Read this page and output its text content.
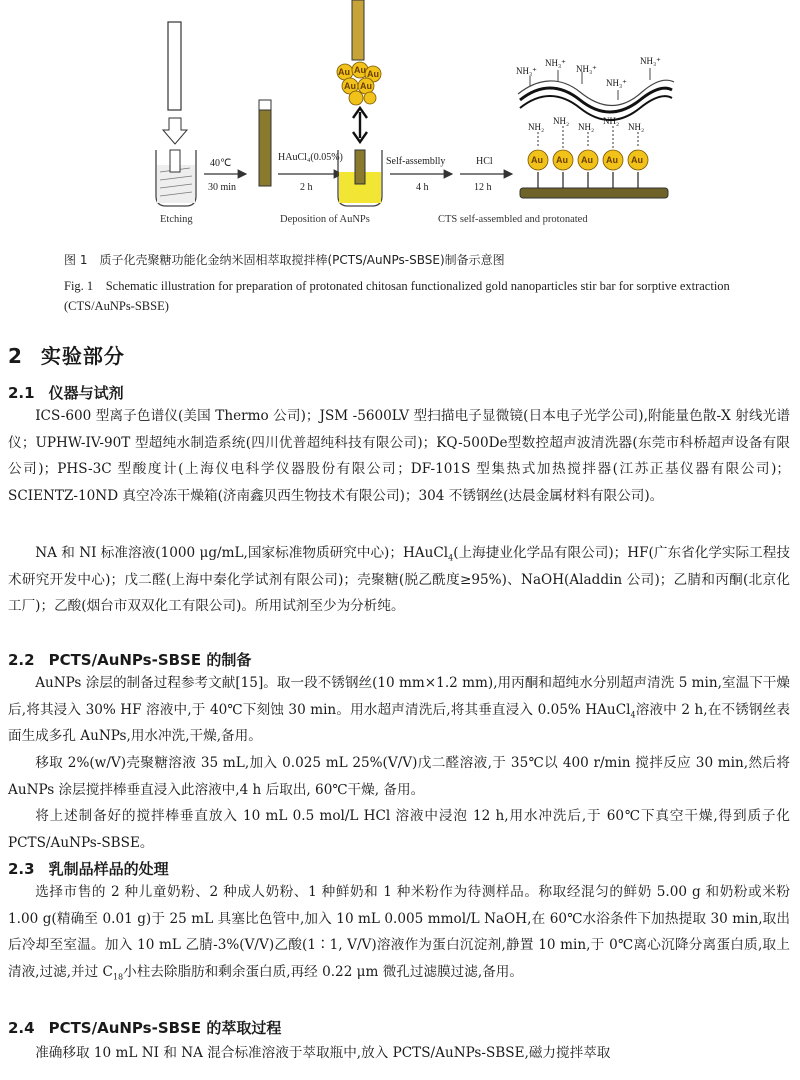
Etching
40℃
30 min
HAuCl₄(0.05%)
2 h
Au Au Au
Au Au
Deposition of AuNPs
Self-assemblly
4 h
HCl
12 h
Au Au Au Au Au
NH₂
NH₂
NH₂
NH₂
NH₂
NH₃⁺
NH₃⁺
NH₃⁺
NH₃⁺
NH₃⁺
CTS self-assembled and protonated
图 1　质子化壳聚糖功能化金纳米固相萃取搅拌棒(PCTS/AuNPs-SBSE)制备示意图
Fig. 1 Schematic illustration for preparation of protonated chitosan functionalized gold nanoparticles stir bar for sorptive extraction (CTS/AuNPs-SBSE)
2 实验部分
2.1 仪器与试剂

ICS-600 型离子色谱仪(美国 Thermo 公司)；JSM -5600LV 型扫描电子显微镜(日本电子光学公司),附能量色散-X 射线光谱仪；UPHW-IV-90T 型超纯水制造系统(四川优普超纯科技有限公司)；KQ-500De型数控超声波清洗器(东莞市科桥超声设备有限公司)；PHS-3C 型酸度计(上海仪电科学仪器股份有限公司；DF-101S 型集热式加热搅拌器(江苏正基仪器有限公司)；SCIENTZ-10ND 真空冷冻干燥箱(济南鑫贝西生物技术有限公司)；304 不锈钢丝(达晨金属材料有限公司)。

NA 和 NI 标准溶液(1000 μg/mL,国家标准物质研究中心)；HAuCl$_4$(上海捷业化学品有限公司)；HF(广东省化学实际工程技术研究开发中心)；戊二醛(上海中秦化学试剂有限公司)；壳聚糖(脱乙酰度≥95%)、NaOH(Aladdin 公司)；乙腈和丙酮(北京化工厂)；乙酸(烟台市双双化工有限公司)。所用试剂至少为分析纯。

2.2 PCTS/AuNPs-SBSE 的制备

AuNPs 涂层的制备过程参考文献[15]。取一段不锈钢丝(10 mm×1.2 mm),用丙酮和超纯水分别超声清洗 5 min,室温下干燥后,将其浸入 30% HF 溶液中,于 40℃下刻蚀 30 min。用水超声清洗后,将其垂直浸入 0.05% HAuCl$_4$溶液中 2 h,在不锈钢丝表面生成多孔 AuNPs,用水冲洗,干燥,备用。

移取 2%(w/V)壳聚糖溶液 35 mL,加入 0.025 mL 25%(V/V)戊二醛溶液,于 35℃以 400 r/min 搅拌反应 30 min,然后将 AuNPs 涂层搅拌棒垂直浸入此溶液中,4 h 后取出, 60℃干燥, 备用。

将上述制备好的搅拌棒垂直放入 10 mL 0.5 mol/L HCl 溶液中浸泡 12 h,用水冲洗后,于 60℃下真空干燥,得到质子化 PCTS/AuNPs-SBSE。

2.3 乳制品样品的处理

选择市售的 2 种儿童奶粉、2 种成人奶粉、1 种鲜奶和 1 种米粉作为待测样品。称取经混匀的鲜奶 5.00 g 和奶粉或米粉 1.00 g(精确至 0.01 g)于 25 mL 具塞比色管中,加入 10 mL 0.005 mmol/L NaOH,在 60℃水浴条件下加热提取 30 min,取出后冷却至室温。加入 10 mL 乙腈-3%(V/V)乙酸(1∶1, V/V)溶液作为蛋白沉淀剂,静置 10 min,于 0℃离心沉降分离蛋白质,取上清液,过滤,并过 $C_{18}$小柱去除脂肪和剩余蛋白质,再经 0.22 μm 微孔过滤膜过滤,备用。

2.4 PCTS/AuNPs-SBSE 的萃取过程

准确移取 10 mL NI 和 NA 混合标准溶液于萃取瓶中,放入 PCTS/AuNPs-SBSE,磁力搅拌萃取
